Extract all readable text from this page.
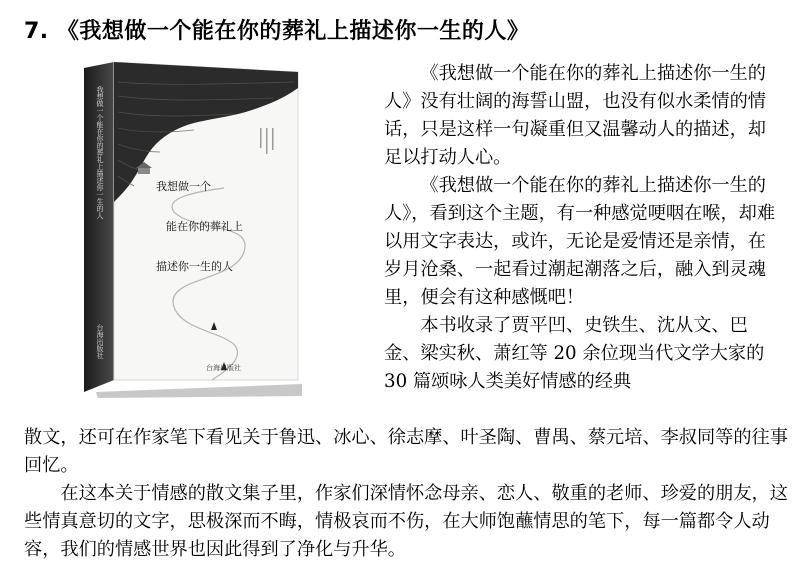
7. 《我想做一个能在你的葬礼上描述你一生的人》
我想做一个
能在你的葬礼上
描述你一生的人
台海出版社
我想做一个能在你的葬礼上描述你一生的人
台海出版社

《我想做一个能在你的葬礼上描述你一生的人》没有壮阔的海誓山盟，也没有似水柔情的情话，只是这样一句凝重但又温馨动人的描述，却足以打动人心。

《我想做一个能在你的葬礼上描述你一生的人》，看到这个主题，有一种感觉哽咽在喉，却难以用文字表达，或许，无论是爱情还是亲情，在岁月沧桑、一起看过潮起潮落之后，融入到灵魂里，便会有这种感慨吧！

本书收录了贾平凹、史铁生、沈从文、巴金、梁实秋、萧红等 20 余位现当代文学大家的 30 篇颂咏人类美好情感的经典

散文，还可在作家笔下看见关于鲁迅、冰心、徐志摩、叶圣陶、曹禺、蔡元培、李叔同等的往事回忆。

在这本关于情感的散文集子里，作家们深情怀念母亲、恋人、敬重的老师、珍爱的朋友，这些情真意切的文字，思极深而不晦，情极哀而不伤，在大师饱蘸情思的笔下，每一篇都令人动容，我们的情感世界也因此得到了净化与升华。
